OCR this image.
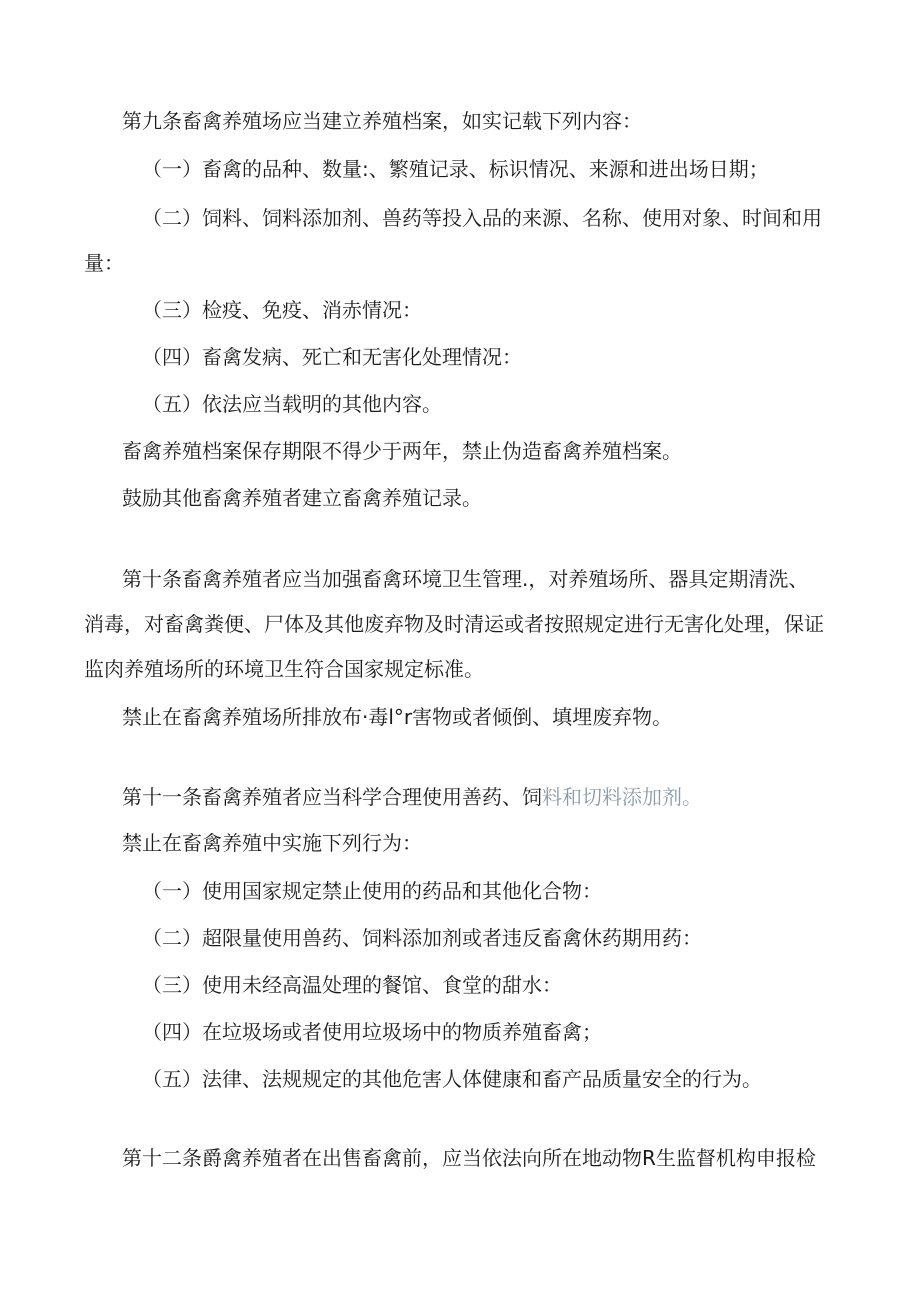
第九条畜禽养殖场应当建立养殖档案，如实记载下列内容：
（一）畜禽的品种、数量:、繁殖记录、标识情况、来源和进出场日期；
（二）饲料、饲料添加剂、兽药等投入品的来源、名称、使用对象、时间和用
量：
（三）检疫、免疫、消赤情况：
（四）畜禽发病、死亡和无害化处理情况：
（五）依法应当载明的其他内容。
畜禽养殖档案保存期限不得少于两年，禁止伪造畜禽养殖档案。
鼓励其他畜禽养殖者建立畜禽养殖记录。
第十条畜禽养殖者应当加强畜禽环境卫生管理.，对养殖场所、器具定期清洗、
消毒，对畜禽粪便、尸体及其他废弃物及时清运或者按照规定进行无害化处理，保证
监肉养殖场所的环境卫生符合国家规定标准。
禁止在畜禽养殖场所排放布·毒l°r害物或者倾倒、填埋废弃物。
第十一条畜禽养殖者应当科学合理使用善药、饲料和切料添加剂。
禁止在畜禽养殖中实施下列行为：
（一）使用国家规定禁止使用的药品和其他化合物：
（二）超限量使用兽药、饲料添加剂或者违反畜禽休药期用药：
（三）使用未经高温处理的餐馆、食堂的甜水：
（四）在垃圾场或者使用垃圾场中的物质养殖畜禽；
（五）法律、法规规定的其他危害人体健康和畜产品质量安全的行为。
第十二条爵禽养殖者在出售畜禽前，应当依法向所在地动物R生监督机构申报检
